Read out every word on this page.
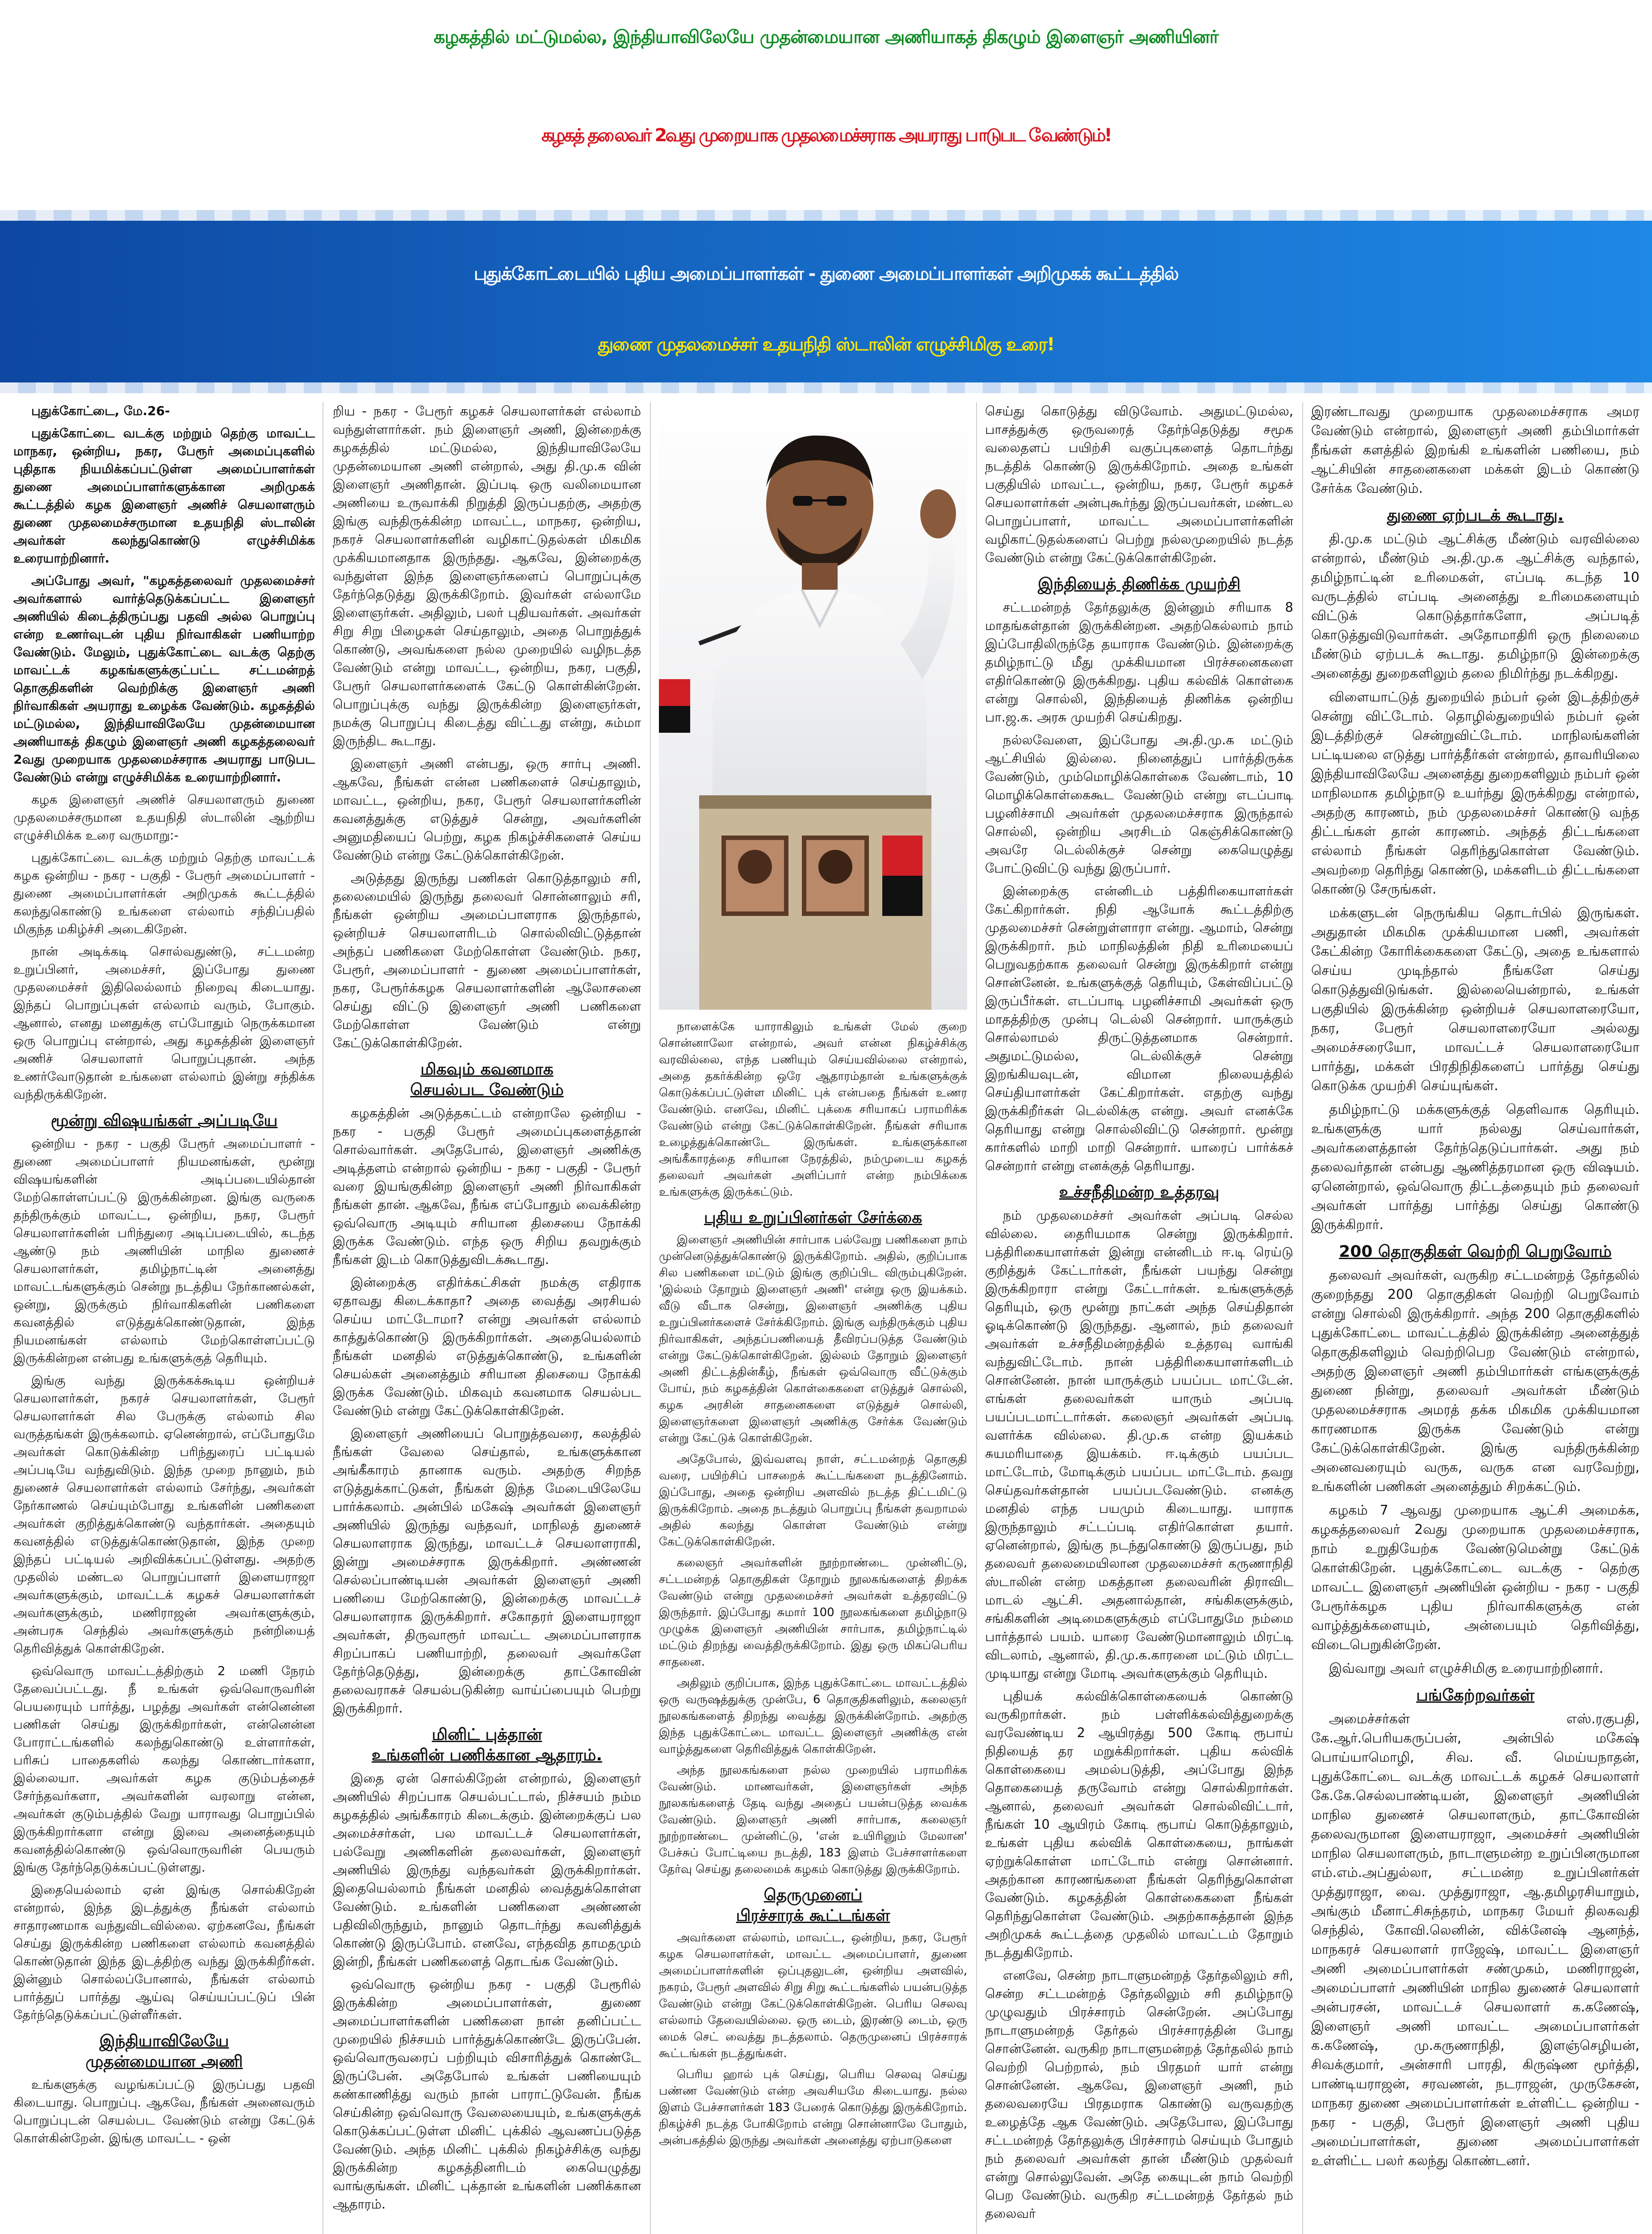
கழகத்தில் மட்டுமல்ல, இந்தியாவிலேயே முதன்மையான அணியாகத் திகழும் இளைஞர் அணியினர்
கழகத் தலைவர் 2வது முறையாக முதலமைச்சராக அயராது பாடுபட வேண்டும்!
புதுக்கோட்டையில் புதிய அமைப்பாளர்கள் - துணை அமைப்பாளர்கள் அறிமுகக் கூட்டத்தில்
துணை முதலமைச்சர் உதயநிதி ஸ்டாலின் எழுச்சிமிகு உரை!

புதுக்கோட்டை, மே.26-

புதுக்கோட்டை வடக்கு மற்றும் தெற்கு மாவட்ட மாநகர, ஒன்றிய, நகர, பேரூர் அமைப்புகளில் புதிதாக நியமிக்கப்பட்டுள்ள அமைப்பாளர்கள் துணை அமைப்பாளர்களுக்கான அறிமுகக் கூட்டத்தில் கழக இளைஞர் அணிச் செயலாளரும் துணை முதலமைச்சருமான உதயநிதி ஸ்டாலின் அவர்கள் கலந்துகொண்டு எழுச்சிமிக்க உரையாற்றினார்.

அப்போது அவர், "கழகத்தலைவர் முதலமைச்சர் அவர்களால் வார்த்தெடுக்கப்பட்ட இளைஞர் அணியில் கிடைத்திருப்பது பதவி அல்ல பொறுப்பு என்ற உணர்வுடன் புதிய நிர்வாகிகள் பணியாற்ற வேண்டும். மேலும், புதுக்கோட்டை வடக்கு தெற்கு மாவட்டக் கழகங்களுக்குட்பட்ட சட்டமன்றத் தொகுதிகளின் வெற்றிக்கு இளைஞர் அணி நிர்வாகிகள் அயராது உழைக்க வேண்டும். கழகத்தில் மட்டுமல்ல, இந்தியாவிலேயே முதன்மையான அணியாகத் திகழும் இளைஞர் அணி கழகத்தலைவர் 2வது முறையாக முதலமைச்சராக அயராது பாடுபட வேண்டும் என்று எழுச்சிமிக்க உரையாற்றினார்.

கழக இளைஞர் அணிச் செயலாளரும் துணை முதலமைச்சருமான உதயநிதி ஸ்டாலின் ஆற்றிய எழுச்சிமிக்க உரை வருமாறு:-

புதுக்கோட்டை வடக்கு மற்றும் தெற்கு மாவட்டக் கழக ஒன்றிய - நகர - பகுதி - பேரூர் அமைப்பாளர் - துணை அமைப்பாளர்கள் அறிமுகக் கூட்டத்தில் கலந்துகொண்டு உங்களை எல்லாம் சந்திப்பதில் மிகுந்த மகிழ்ச்சி அடைகிறேன்.

நான் அடிக்கடி சொல்வதுண்டு, சட்டமன்ற உறுப்பினர், அமைச்சர், இப்போது துணை முதலமைச்சர் இதிலெல்லாம் நிறைவு கிடையாது. இந்தப் பொறுப்புகள் எல்லாம் வரும், போகும். ஆனால், எனது மனதுக்கு எப்போதும் நெருக்கமான ஒரு பொறுப்பு என்றால், அது கழகத்தின் இளைஞர் அணிச் செயலாளர் பொறுப்புதான். அந்த உணர்வோடுதான் உங்களை எல்லாம் இன்று சந்திக்க வந்திருக்கிறேன்.

மூன்று விஷயங்கள் அப்படியே

ஒன்றிய - நகர - பகுதி பேரூர் அமைப்பாளர் - துணை அமைப்பாளர் நியமனங்கள், மூன்று விஷயங்களின் அடிப்படையில்தான் மேற்கொள்ளப்பட்டு இருக்கின்றன. இங்கு வருகை தந்திருக்கும் மாவட்ட, ஒன்றிய, நகர, பேரூர் செயலாளர்களின் பரிந்துரை அடிப்படையில், கடந்த ஆண்டு நம் அணியின் மாநில துணைச் செயலாளர்கள், தமிழ்நாட்டின் அனைத்து மாவட்டங்களுக்கும் சென்று நடத்திய நேர்காணல்கள், ஒன்று, இருக்கும் நிர்வாகிகளின் பணிகளை கவனத்தில் எடுத்துக்கொண்டுதான், இந்த நியமனங்கள் எல்லாம் மேற்கொள்ளப்பட்டு இருக்கின்றன என்பது உங்களுக்குத் தெரியும்.

இங்கு வந்து இருக்கக்கூடிய ஒன்றியச் செயலாளர்கள், நகரச் செயலாளர்கள், பேரூர் செயலாளர்கள் சில பேருக்கு எல்லாம் சில வருத்தங்கள் இருக்கலாம். ஏனென்றால், எப்போதுமே அவர்கள் கொடுக்கின்ற பரிந்துரைப் பட்டியல் அப்படியே வந்துவிடும். இந்த முறை நானும், நம் துணைச் செயலாளர்கள் எல்லாம் சேர்ந்து, அவர்கள் நேர்காணல் செய்யும்போது உங்களின் பணிகளை அவர்கள் குறித்துக்கொண்டு வந்தார்கள். அதையும் கவனத்தில் எடுத்துக்கொண்டுதான், இந்த முறை இந்தப் பட்டியல் அறிவிக்கப்பட்டுள்ளது. அதற்கு முதலில் மண்டல பொறுப்பாளர் இளையராஜா அவர்களுக்கும், மாவட்டக் கழகச் செயலாளர்கள் அவர்களுக்கும், மணிராஜன் அவர்களுக்கும், அன்பரசு செந்தில் அவர்களுக்கும் நன்றியைத் தெரிவித்துக் கொள்கிறேன்.

ஒவ்வொரு மாவட்டத்திற்கும் 2 மணி நேரம் தேவைப்பட்டது. நீ உங்கள் ஒவ்வொருவரின் பெயரையும் பார்த்து, பழத்து அவர்கள் என்னென்ன பணிகள் செய்து இருக்கிறார்கள், என்னென்ன போராட்டங்களில் கலந்துகொண்டு உள்ளார்கள், பரிசுப் பாதைகளில் கலந்து கொண்டார்களா, இல்லையா. அவர்கள் கழக குடும்பத்தைச் சேர்ந்தவர்களா, அவர்களின் வரலாறு என்ன, அவர்கள் குடும்பத்தில் வேறு யாராவது பொறுப்பில் இருக்கிறார்களா என்று இவை அனைத்தையும் கவனத்தில்கொண்டு ஒவ்வொருவரின் பெயரும் இங்கு தேர்ந்தெடுக்கப்பட்டுள்ளது.

இதையெல்லாம் ஏன் இங்கு சொல்கிறேன் என்றால், இந்த இடத்துக்கு நீங்கள் எல்லாம் சாதாரணமாக வந்துவிடவில்லை. ஏற்கனவே, நீங்கள் செய்து இருக்கின்ற பணிகளை எல்லாம் கவனத்தில் கொண்டுதான் இந்த இடத்திற்கு வந்து இருக்கிறீர்கள். இன்னும் சொல்லப்போனால், நீங்கள் எல்லாம் பார்த்துப் பார்த்து ஆய்வு செய்யப்பட்டுப் பின் தேர்ந்தெடுக்கப்பட்டுள்ளீர்கள்.

இந்தியாவிலேயே
முதன்மையான அணி

உங்களுக்கு வழங்கப்பட்டு இருப்பது பதவி கிடையாது. பொறுப்பு. ஆகவே, நீங்கள் அனைவரும் பொறுப்புடன் செயல்பட வேண்டும் என்று கேட்டுக் கொள்கின்றேன். இங்கு மாவட்ட - ஒன்

றிய - நகர - பேரூர் கழகச் செயலாளர்கள் எல்லாம் வந்துள்ளார்கள். நம் இளைஞர் அணி, இன்றைக்கு கழகத்தில் மட்டுமல்ல, இந்தியாவிலேயே முதன்மையான அணி என்றால், அது தி.மு.க வின் இளைஞர் அணிதான். இப்படி ஒரு வலிமையான அணியை உருவாக்கி நிறுத்தி இருப்பதற்கு, அதற்கு இங்கு வந்திருக்கின்ற மாவட்ட, மாநகர, ஒன்றிய, நகரச் செயலாளர்களின் வழிகாட்டுதல்கள் மிகமிக முக்கியமானதாக இருந்தது. ஆகவே, இன்றைக்கு வந்துள்ள இந்த இளைஞர்களைப் பொறுப்புக்கு தேர்ந்தெடுத்து இருக்கிறோம். இவர்கள் எல்லாமே இளைஞர்கள். அதிலும், பலர் புதியவர்கள். அவர்கள் சிறு சிறு பிழைகள் செய்தாலும், அதை பொறுத்துக் கொண்டு, அவங்களை நல்ல முறையில் வழிநடத்த வேண்டும் என்று மாவட்ட, ஒன்றிய, நகர, பகுதி, பேரூர் செயலாளர்களைக் கேட்டு கொள்கின்றேன். பொறுப்புக்கு வந்து இருக்கின்ற இளைஞர்கள், நமக்கு பொறுப்பு கிடைத்து விட்டது என்று, சும்மா இருந்திட கூடாது.

இளைஞர் அணி என்பது, ஒரு சார்பு அணி. ஆகவே, நீங்கள் என்ன பணிகளைச் செய்தாலும், மாவட்ட, ஒன்றிய, நகர, பேரூர் செயலாளர்களின் கவனத்துக்கு எடுத்துச் சென்று, அவர்களின் அனுமதியைப் பெற்று, கழக நிகழ்ச்சிகளைச் செய்ய வேண்டும் என்று கேட்டுக்கொள்கிறேன்.

அடுத்தது இருந்து பணிகள் கொடுத்தாலும் சரி, தலைமையில் இருந்து தலைவர் சொன்னாலும் சரி, நீங்கள் ஒன்றிய அமைப்பாளராக இருந்தால், ஒன்றியச் செயலாளரிடம் சொல்லிவிட்டுத்தான் அந்தப் பணிகளை மேற்கொள்ள வேண்டும். நகர, பேரூர், அமைப்பாளர் - துணை அமைப்பாளர்கள், நகர, பேரூர்க்கழக செயலாளர்களின் ஆலோசனை செய்து விட்டு இளைஞர் அணி பணிகளை மேற்கொள்ள வேண்டும் என்று கேட்டுக்கொள்கிறேன்.

மிகவும் கவனமாக
செயல்பட வேண்டும்

கழகத்தின் அடுத்தகட்டம் என்றாலே ஒன்றிய - நகர - பகுதி பேரூர் அமைப்புகளைத்தான் சொல்வார்கள். அதேபோல், இளைஞர் அணிக்கு அடித்தளம் என்றால் ஒன்றிய - நகர - பகுதி - பேரூர் வரை இயங்குகின்ற இளைஞர் அணி நிர்வாகிகள் நீங்கள் தான். ஆகவே, நீங்க எப்போதும் வைக்கின்ற ஒவ்வொரு அடியும் சரியான திசையை நோக்கி இருக்க வேண்டும். எந்த ஒரு சிறிய தவறுக்கும் நீங்கள் இடம் கொடுத்துவிடக்கூடாது.

இன்றைக்கு எதிர்க்கட்சிகள் நமக்கு எதிராக ஏதாவது கிடைக்காதா? அதை வைத்து அரசியல் செய்ய மாட்டோமா? என்று அவர்கள் எல்லாம் காத்துக்கொண்டு இருக்கிறார்கள். அதையெல்லாம் நீங்கள் மனதில் எடுத்துக்கொண்டு, உங்களின் செயல்கள் அனைத்தும் சரியான திசையை நோக்கி இருக்க வேண்டும். மிகவும் கவனமாக செயல்பட வேண்டும் என்று கேட்டுக்கொள்கிறேன்.

இளைஞர் அணியைப் பொறுத்தவரை, கலத்தில் நீங்கள் வேலை செய்தால், உங்களுக்கான அங்கீகாரம் தானாக வரும். அதற்கு சிறந்த எடுத்துக்காட்டுகள், நீங்கள் இந்த மேடையிலேயே பார்க்கலாம். அன்பில் மகேஷ் அவர்கள் இளைஞர் அணியில் இருந்து வந்தவர், மாநிலத் துணைச் செயலாளராக இருந்து, மாவட்டச் செயலாளராகி, இன்று அமைச்சராக இருக்கிறார். அண்ணன் செல்லப்பாண்டியன் அவர்கள் இளைஞர் அணி பணியை மேற்கொண்டு, இன்றைக்கு மாவட்டச் செயலாளராக இருக்கிறார். சகோதரர் இளையராஜா அவர்கள், திருவாரூர் மாவட்ட அமைப்பாளராக சிறப்பாகப் பணியாற்றி, தலைவர் அவர்களே தேர்ந்தெடுத்து, இன்றைக்கு தாட்கோவின் தலைவராகச் செயல்படுகின்ற வாய்ப்பையும் பெற்று இருக்கிறார்.

மினிட் புக்தான்
உங்களின் பணிக்கான ஆதாரம்.

இதை ஏன் சொல்கிறேன் என்றால், இளைஞர் அணியில் சிறப்பாக செயல்பட்டால், நிச்சயம் நம்ம கழகத்தில் அங்கீகாரம் கிடைக்கும். இன்றைக்குப் பல அமைச்சர்கள், பல மாவட்டச் செயலாளர்கள், பல்வேறு அணிகளின் தலைவர்கள், இளைஞர் அணியில் இருந்து வந்தவர்கள் இருக்கிறார்கள். இதையெல்லாம் நீங்கள் மனதில் வைத்துக்கொள்ள வேண்டும். உங்களின் பணிகளை அண்ணன் பதிவிலிருந்தும், நானும் தொடர்ந்து கவனித்துக் கொண்டு இருப்போம். எனவே, எந்தவித தாமதமும் இன்றி, நீங்கள் பணிகளைத் தொடங்க வேண்டும்.

ஒவ்வொரு ஒன்றிய நகர - பகுதி பேரூரில் இருக்கின்ற அமைப்பாளர்கள், துணை அமைப்பாளர்களின் பணிகளை நான் தனிப்பட்ட முறையில் நிச்சயம் பார்த்துக்கொண்டே இருப்பேன். ஒவ்வொருவரைப் பற்றியும் விசாரித்துக் கொண்டே இருப்பேன். அதேபோல் உங்கள் பணியையும் கண்காணித்து வரும் நான் பாராட்டுவேன். நீங்க செய்கின்ற ஒவ்வொரு வேலையையும், உங்களுக்குக் கொடுக்கப்பட்டுள்ள மினிட் புக்கில் ஆவணப்படுத்த வேண்டும். அந்த மினிட் புக்கில் நிகழ்ச்சிக்கு வந்து இருக்கின்ற கழகத்தினரிடம் கையெழுத்து வாங்குங்கள். மினிட் புக்தான் உங்களின் பணிக்கான ஆதாரம்.

நாளைக்கே யாராகிலும் உங்கள் மேல் குறை சொன்னாலோ என்றால், அவர் என்ன நிகழ்ச்சிக்கு வரவில்லை, எந்த பணியும் செய்யவில்லை என்றால், அதை தகர்க்கின்ற ஒரே ஆதாரம்தான் உங்களுக்குக் கொடுக்கப்பட்டுள்ள மினிட் புக் என்பதை நீங்கள் உணர வேண்டும். எனவே, மினிட் புக்கை சரியாகப் பராமரிக்க வேண்டும் என்று கேட்டுக்கொள்கிறேன். நீங்கள் சரியாக உழைத்துக்கொண்டே இருங்கள். உங்களுக்கான அங்கீகாரத்தை சரியான நேரத்தில், நம்முடைய கழகத் தலைவர் அவர்கள் அளிப்பார் என்ற நம்பிக்கை உங்களுக்கு இருக்கட்டும்.

புதிய உறுப்பினர்கள் சேர்க்கை

இளைஞர் அணியின் சார்பாக பல்வேறு பணிகளை நாம் முன்னெடுத்துக்கொண்டு இருக்கிறோம். அதில், குறிப்பாக சில பணிகளை மட்டும் இங்கு குறிப்பிட விரும்புகிறேன். 'இல்லம் தோறும் இளைஞர் அணி' என்று ஒரு இயக்கம். வீடு வீடாக சென்று, இளைஞர் அணிக்கு புதிய உறுப்பினர்களைச் சேர்க்கிறோம். இங்கு வந்திருக்கும் புதிய நிர்வாகிகள், அந்தப்பணியைத் தீவிரப்படுத்த வேண்டும் என்று கேட்டுக்கொள்கிறேன். இல்லம் தோறும் இளைஞர் அணி திட்டத்தின்கீழ், நீங்கள் ஒவ்வொரு வீட்டுக்கும் போய், நம் கழகத்தின் கொள்கைகளை எடுத்துச் சொல்லி, கழக அரசின் சாதனைகளை எடுத்துச் சொல்லி, இளைஞர்களை இளைஞர் அணிக்கு சேர்க்க வேண்டும் என்று கேட்டுக் கொள்கிறேன்.

அதேபோல், இவ்வளவு நாள், சட்டமன்றத் தொகுதி வரை, பயிற்சிப் பாசறைக் கூட்டங்களை நடத்தினோம். இப்போது, அதை ஒன்றிய அளவில் நடத்த திட்டமிட்டு இருக்கிறோம். அதை நடத்தும் பொறுப்பு நீங்கள் தவறாமல் அதில் கலந்து கொள்ள வேண்டும் என்று கேட்டுக்கொள்கிறேன்.

கலைஞர் அவர்களின் நூற்றாண்டை முன்னிட்டு, சட்டமன்றத் தொகுதிகள் தோறும் நூலகங்களைத் திறக்க வேண்டும் என்று முதலமைச்சர் அவர்கள் உத்தரவிட்டு இருந்தார். இப்போது சுமார் 100 நூலகங்களை தமிழ்நாடு முழுக்க இளைஞர் அணியின் சார்பாக, தமிழ்நாட்டில் மட்டும் திறந்து வைத்திருக்கிறோம். இது ஒரு மிகப்பெரிய சாதனை.

அதிலும் குறிப்பாக, இந்த புதுக்கோட்டை மாவட்டத்தில் ஒரு வருஷத்துக்கு முன்பே, 6 தொகுதிகளிலும், கலைஞர் நூலகங்களைத் திறந்து வைத்து இருக்கின்றோம். அதற்கு இந்த புதுக்கோட்டை மாவட்ட இளைஞர் அணிக்கு என் வாழ்த்துகளை தெரிவித்துக் கொள்கிறேன்.

அந்த நூலகங்களை நல்ல முறையில் பராமரிக்க வேண்டும். மாணவர்கள், இளைஞர்கள் அந்த நூலகங்களைத் தேடி வந்து அதைப் பயன்படுத்த வைக்க வேண்டும். இளைஞர் அணி சார்பாக, கலைஞர் நூற்றாண்டை முன்னிட்டு, 'என் உயிரினும் மேலான' பேச்சுப் போட்டியை நடத்தி, 183 இளம் பேச்சாளர்களை தேர்வு செய்து தலைமைக் கழகம் கொடுத்து இருக்கிறோம்.

தெருமுனைப்
பிரச்சாரக் கூட்டங்கள்

அவர்களை எல்லாம், மாவட்ட, ஒன்றிய, நகர, பேரூர் கழக செயலாளர்கள், மாவட்ட அமைப்பாளர், துணை அமைப்பாளர்களின் ஒப்புதலுடன், ஒன்றிய அளவில், நகரம், பேரூர் அளவில் சிறு சிறு கூட்டங்களில் பயன்படுத்த வேண்டும் என்று கேட்டுக்கொள்கிறேன். பெரிய செலவு எல்லாம் தேவையில்லை. ஒரு டைம், இரண்டு டைம், ஒரு மைக் செட் வைத்து நடத்தலாம். தெருமுனைப் பிரச்சாரக் கூட்டங்கள் நடத்துங்கள்.

பெரிய ஹால் புக் செய்து, பெரிய செலவு செய்து பண்ண வேண்டும் என்ற அவசியமே கிடையாது. நல்ல இளம் பேச்சாளர்கள் 183 பேரைக் கொடுத்து இருக்கிறோம். நிகழ்ச்சி நடத்த போகிறோம் என்று சொன்னாலே போதும், அன்பகத்தில் இருந்து அவர்கள் அனைத்து ஏற்பாடுகளை

செய்து கொடுத்து விடுவோம். அதுமட்டுமல்ல, பாசத்துக்கு ஒருவரைத் தேர்ந்தெடுத்து சமூக வலைதளப் பயிற்சி வகுப்புகளைத் தொடர்ந்து நடத்திக் கொண்டு இருக்கிறோம். அதை உங்கள் பகுதியில் மாவட்ட, ஒன்றிய, நகர, பேரூர் கழகச் செயலாளர்கள் அன்புகூர்ந்து இருப்பவர்கள், மண்டல பொறுப்பாளர், மாவட்ட அமைப்பாளர்களின் வழிகாட்டுதல்களைப் பெற்று நல்லமுறையில் நடத்த வேண்டும் என்று கேட்டுக்கொள்கிறேன்.

இந்தியைத் திணிக்க முயற்சி

சட்டமன்றத் தேர்தலுக்கு இன்னும் சரியாக 8 மாதங்கள்தான் இருக்கின்றன. அதற்கெல்லாம் நாம் இப்போதிலிருந்தே தயாராக வேண்டும். இன்றைக்கு தமிழ்நாட்டு மீது முக்கியமான பிரச்சனைகளை எதிர்கொண்டு இருக்கிறது. புதிய கல்விக் கொள்கை என்று சொல்லி, இந்தியைத் திணிக்க ஒன்றிய பா.ஜ.க. அரசு முயற்சி செய்கிறது.

நல்லவேளை, இப்போது அ.தி.மு.க மட்டும் ஆட்சியில் இல்லை. நினைத்துப் பார்த்திருக்க வேண்டும், மும்மொழிக்கொள்கை வேண்டாம், 10 மொழிக்கொள்கைகூட வேண்டும் என்று எடப்பாடி பழனிச்சாமி அவர்கள் முதலமைச்சராக இருந்தால் சொல்லி, ஒன்றிய அரசிடம் கெஞ்சிக்கொண்டு அவரே டெல்லிக்குச் சென்று கையெழுத்து போட்டுவிட்டு வந்து இருப்பார்.

இன்றைக்கு என்னிடம் பத்திரிகையாளர்கள் கேட்கிறார்கள். நிதி ஆயோக் கூட்டத்திற்கு முதலமைச்சர் சென்றுள்ளாரா என்று. ஆமாம், சென்று இருக்கிறார். நம் மாநிலத்தின் நிதி உரிமையைப் பெறுவதற்காக தலைவர் சென்று இருக்கிறார் என்று சொன்னேன். உங்களுக்குத் தெரியும், கேள்விப்பட்டு இருப்பீர்கள். எடப்பாடி பழனிச்சாமி அவர்கள் ஒரு மாதத்திற்கு முன்பு டெல்லி சென்றார். யாருக்கும் சொல்லாமல் திருட்டுத்தனமாக சென்றார். அதுமட்டுமல்ல, டெல்லிக்குச் சென்று இறங்கியவுடன், விமான நிலையத்தில் செய்தியாளர்கள் கேட்கிறார்கள். எதற்கு வந்து இருக்கிறீர்கள் டெல்லிக்கு என்று. அவர் எனக்கே தெரியாது என்று சொல்லிவிட்டு சென்றார். மூன்று கார்களில் மாறி மாறி சென்றார். யாரைப் பார்க்கச் சென்றார் என்று எனக்குத் தெரியாது.

உச்சநீதிமன்ற உத்தரவு

நம் முதலமைச்சர் அவர்கள் அப்படி செல்ல வில்லை. தைரியமாக சென்று இருக்கிறார். பத்திரிகையாளர்கள் இன்று என்னிடம் ஈ.டி ரெய்டு குறித்துக் கேட்டார்கள், நீங்கள் பயந்து சென்று இருக்கிறாரா என்று கேட்டார்கள். உங்களுக்குத் தெரியும், ஒரு மூன்று நாட்கள் அந்த செய்திதான் ஓடிக்கொண்டு இருந்தது. ஆனால், நம் தலைவர் அவர்கள் உச்சநீதிமன்றத்தில் உத்தரவு வாங்கி வந்துவிட்டோம். நான் பத்திரிகையாளர்களிடம் சொன்னேன். நான் யாருக்கும் பயப்பட மாட்டேன். எங்கள் தலைவர்கள் யாரும் அப்படி பயப்படமாட்டார்கள். கலைஞர் அவர்கள் அப்படி வளர்க்க வில்லை. தி.மு.க என்ற இயக்கம் சுயமரியாதை இயக்கம். ஈ.டிக்கும் பயப்பட மாட்டோம், மோடிக்கும் பயப்பட மாட்டோம். தவறு செய்தவர்கள்தான் பயப்படவேண்டும். எனக்கு மனதில் எந்த பயமும் கிடையாது. யாராக இருந்தாலும் சட்டப்படி எதிர்கொள்ள தயார். ஏனென்றால், இங்கு நடந்துகொண்டு இருப்பது, நம் தலைவர் தலைமையிலான முதலமைச்சர் கருணாநிதி ஸ்டாலின் என்ற மகத்தான தலைவரின் திராவிட மாடல் ஆட்சி. அதனால்தான், சங்கிகளுக்கும், சங்கிகளின் அடிமைகளுக்கும் எப்போதுமே நம்மை பார்த்தால் பயம். யாரை வேண்டுமானாலும் மிரட்டி விடலாம், ஆனால், தி.மு.க.காரனை மட்டும் மிரட்ட முடியாது என்று மோடி அவர்களுக்கும் தெரியும்.

புதியக் கல்விக்கொள்கையைக் கொண்டு வருகிறார்கள். நம் பள்ளிக்கல்வித்துறைக்கு வரவேண்டிய 2 ஆயிரத்து 500 கோடி ரூபாய் நிதியைத் தர மறுக்கிறார்கள். புதிய கல்விக் கொள்கையை அமல்படுத்தி, அப்போது இந்த தொகையைத் தருவோம் என்று சொல்கிறார்கள். ஆனால், தலைவர் அவர்கள் சொல்லிவிட்டார், நீங்கள் 10 ஆயிரம் கோடி ரூபாய் கொடுத்தாலும், உங்கள் புதிய கல்விக் கொள்கையை, நாங்கள் ஏற்றுக்கொள்ள மாட்டோம் என்று சொன்னார். அதற்கான காரணங்களை நீங்கள் தெரிந்துகொள்ள வேண்டும். கழகத்தின் கொள்கைகளை நீங்கள் தெரிந்துகொள்ள வேண்டும். அதற்காகத்தான் இந்த அறிமுகக் கூட்டத்தை முதலில் மாவட்டம் தோறும் நடத்துகிறோம்.

எனவே, சென்ற நாடாளுமன்றத் தேர்தலிலும் சரி, சென்ற சட்டமன்றத் தேர்தலிலும் சரி தமிழ்நாடு முழுவதும் பிரச்சாரம் சென்றேன். அப்போது நாடாளுமன்றத் தேர்தல் பிரச்சாரத்தின் போது சொன்னேன். வருகிற நாடாளுமன்றத் தேர்தலில் நாம் வெற்றி பெற்றால், நம் பிரதமர் யார் என்று சொன்னேன். ஆகவே, இளைஞர் அணி, நம் தலைவரையே பிரதமராக கொண்டு வருவதற்கு உழைத்தே ஆக வேண்டும். அதேபோல, இப்போது சட்டமன்றத் தேர்தலுக்கு பிரச்சாரம் செய்யும் போதும் நம் தலைவர் அவர்கள் தான் மீண்டும் முதல்வர் என்று சொல்லுவேன். அதே கையுடன் நாம் வெற்றி பெற வேண்டும். வருகிற சட்டமன்றத் தேர்தல் நம் தலைவர்

இரண்டாவது முறையாக முதலமைச்சராக அமர வேண்டும் என்றால், இளைஞர் அணி தம்பிமார்கள் நீங்கள் களத்தில் இறங்கி உங்களின் பணியை, நம் ஆட்சியின் சாதனைகளை மக்கள் இடம் கொண்டு சேர்க்க வேண்டும்.

துணை ஏற்படக் கூடாது.

தி.மு.க மட்டும் ஆட்சிக்கு மீண்டும் வரவில்லை என்றால், மீண்டும் அ.தி.மு.க ஆட்சிக்கு வந்தால், தமிழ்நாட்டின் உரிமைகள், எப்படி கடந்த 10 வருடத்தில் எப்படி அனைத்து உரிமைகளையும் விட்டுக் கொடுத்தார்களோ, அப்படித் கொடுத்துவிடுவார்கள். அதோமாதிரி ஒரு நிலைமை மீண்டும் ஏற்படக் கூடாது. தமிழ்நாடு இன்றைக்கு அனைத்து துறைகளிலும் தலை நிமிர்ந்து நடக்கிறது.

விளையாட்டுத் துறையில் நம்பர் ஒன் இடத்திற்குச் சென்று விட்டோம். தொழில்துறையில் நம்பர் ஒன் இடத்திற்குச் சென்றுவிட்டோம். மாநிலங்களின் பட்டியலை எடுத்து பார்த்தீர்கள் என்றால், தாவரியிலை இந்தியாவிலேயே அனைத்து துறைகளிலும் நம்பர் ஒன் மாநிலமாக தமிழ்நாடு உயர்ந்து இருக்கிறது என்றால், அதற்கு காரணம், நம் முதலமைச்சர் கொண்டு வந்த திட்டங்கள் தான் காரணம். அந்தத் திட்டங்களை எல்லாம் நீங்கள் தெரிந்துகொள்ள வேண்டும். அவற்றை தெரிந்து கொண்டு, மக்களிடம் திட்டங்களை கொண்டு சேருங்கள்.

மக்களுடன் நெருங்கிய தொடர்பில் இருங்கள். அதுதான் மிகமிக முக்கியமான பணி, அவர்கள் கேட்கின்ற கோரிக்கைகளை கேட்டு, அதை உங்களால் செய்ய முடிந்தால் நீங்களே செய்து கொடுத்துவிடுங்கள். இல்லையென்றால், உங்கள் பகுதியில் இருக்கின்ற ஒன்றியச் செயலாளரையோ, நகர, பேரூர் செயலாளரையோ அல்லது அமைச்சரையோ, மாவட்டச் செயலாளரையோ பார்த்து, மக்கள் பிரதிநிதிகளைப் பார்த்து செய்து கொடுக்க முயற்சி செய்யுங்கள்.

தமிழ்நாட்டு மக்களுக்குத் தெளிவாக தெரியும். உங்களுக்கு யார் நல்லது செய்வார்கள், அவர்களைத்தான் தேர்ந்தெடுப்பார்கள். அது நம் தலைவர்தான் என்பது ஆணித்தரமான ஒரு விஷயம். ஏனென்றால், ஒவ்வொரு திட்டத்தையும் நம் தலைவர் அவர்கள் பார்த்து பார்த்து செய்து கொண்டு இருக்கிறார்.

200 தொகுதிகள் வெற்றி பெறுவோம்

தலைவர் அவர்கள், வருகிற சட்டமன்றத் தேர்தலில் குறைந்தது 200 தொகுதிகள் வெற்றி பெறுவோம் என்று சொல்லி இருக்கிறார். அந்த 200 தொகுதிகளில் புதுக்கோட்டை மாவட்டத்தில் இருக்கின்ற அனைத்துத் தொகுதிகளிலும் வெற்றிபெற வேண்டும் என்றால், அதற்கு இளைஞர் அணி தம்பிமார்கள் எங்களுக்குத் துணை நின்று, தலைவர் அவர்கள் மீண்டும் முதலமைச்சராக அமரத் தக்க மிகமிக முக்கியமான காரணமாக இருக்க வேண்டும் என்று கேட்டுக்கொள்கிறேன். இங்கு வந்திருக்கின்ற அனைவரையும் வருக, வருக என வரவேற்று, உங்களின் பணிகள் அனைத்தும் சிறக்கட்டும்.

கழகம் 7 ஆவது முறையாக ஆட்சி அமைக்க, கழகத்தலைவர் 2வது முறையாக முதலமைச்சராக, நாம் உறுதியேற்க வேண்டுமென்று கேட்டுக் கொள்கிறேன். புதுக்கோட்டை வடக்கு - தெற்கு மாவட்ட இளைஞர் அணியின் ஒன்றிய - நகர - பகுதி பேரூர்க்கழக புதிய நிர்வாகிகளுக்கு என் வாழ்த்துக்களையும், அன்பையும் தெரிவித்து, விடைபெறுகின்றேன்.

இவ்வாறு அவர் எழுச்சிமிகு உரையாற்றினார்.

பங்கேற்றவர்கள்

அமைச்சர்கள் எஸ்.ரகுபதி, கே.ஆர்.பெரியகருப்பன், அன்பில் மகேஷ் பொய்யாமொழி, சிவ. வீ. மெய்யநாதன், புதுக்கோட்டை வடக்கு மாவட்டக் கழகச் செயலாளர் கே.கே.செல்லபாண்டியன், இளைஞர் அணியின் மாநில துணைச் செயலாளரும், தாட்கோவின் தலைவருமான இளையராஜா, அமைச்சர் அணியின் மாநில செயலாளரும், நாடாளுமன்ற உறுப்பினருமான எம்.எம்.அப்துல்லா, சட்டமன்ற உறுப்பினர்கள் முத்துராஜா, வை. முத்துராஜா, ஆ.தமிழரசியாறும், அங்கும் மீனாட்சிசுந்தரம், மாநகர மேயர் திலகவதி செந்தில், கோவி.லெனின், விக்னேஷ் ஆனந்த், மாநகரச் செயலாளர் ராஜேஷ், மாவட்ட இளைஞர் அணி அமைப்பாளர்கள் சண்முகம், மணிராஜன், அமைப்பாளர் அணியின் மாநில துணைச் செயலாளர் அன்பரசன், மாவட்டச் செயலாளர் க.கணேஷ், இளைஞர் அணி மாவட்ட அமைப்பாளர்கள் க.கணேஷ், மு.கருணாநிதி, இளஞ்செழியன், சிவக்குமார், அன்சாரி பாரதி, கிருஷ்ண மூர்த்தி, பாண்டியராஜன், சரவணன், நடராஜன், முருகேசன், மாநகர துணை அமைப்பாளர்கள் உள்ளிட்ட ஒன்றிய - நகர - பகுதி, பேரூர் இளைஞர் அணி புதிய அமைப்பாளர்கள், துணை அமைப்பாளர்கள் உள்ளிட்ட பலர் கலந்து கொண்டனர்.
